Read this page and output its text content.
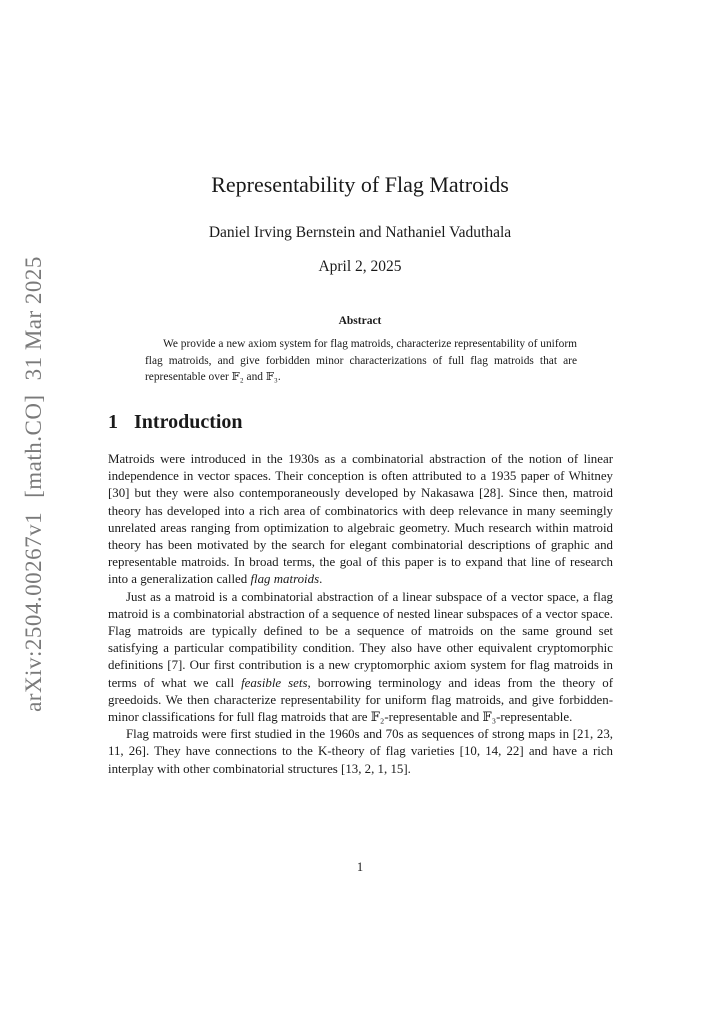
arXiv:2504.00267v1[math.CO]31 Mar 2025
Representability of Flag Matroids
Daniel Irving Bernstein and Nathaniel Vaduthala
April 2, 2025
Abstract

We provide a new axiom system for flag matroids, characterize representability of uniform flag matroids, and give forbidden minor characterizations of full flag matroids that are representable over 𝔽₂ and 𝔽₃.

1 Introduction

Matroids were introduced in the 1930s as a combinatorial abstraction of the notion of linear independence in vector spaces. Their conception is often attributed to a 1935 paper of Whitney [30] but they were also contemporaneously developed by Nakasawa [28]. Since then, matroid theory has developed into a rich area of combinatorics with deep relevance in many seemingly unrelated areas ranging from optimization to algebraic geometry. Much research within matroid theory has been motivated by the search for elegant combinatorial descriptions of graphic and representable matroids. In broad terms, the goal of this paper is to expand that line of research into a generalization called flag matroids.

Just as a matroid is a combinatorial abstraction of a linear subspace of a vector space, a flag matroid is a combinatorial abstraction of a sequence of nested linear subspaces of a vector space. Flag matroids are typically defined to be a sequence of matroids on the same ground set satisfying a particular compatibility condition. They also have other equivalent cryptomorphic definitions [7]. Our first contribution is a new cryptomorphic axiom system for flag matroids in terms of what we call feasible sets, borrowing terminology and ideas from the theory of greedoids. We then characterize representability for uniform flag matroids, and give forbidden-minor classifications for full flag matroids that are 𝔽₂-representable and 𝔽₃-representable.

Flag matroids were first studied in the 1960s and 70s as sequences of strong maps in [21, 23, 11, 26]. They have connections to the K-theory of flag varieties [10, 14, 22] and have a rich interplay with other combinatorial structures [13, 2, 1, 15].

1
